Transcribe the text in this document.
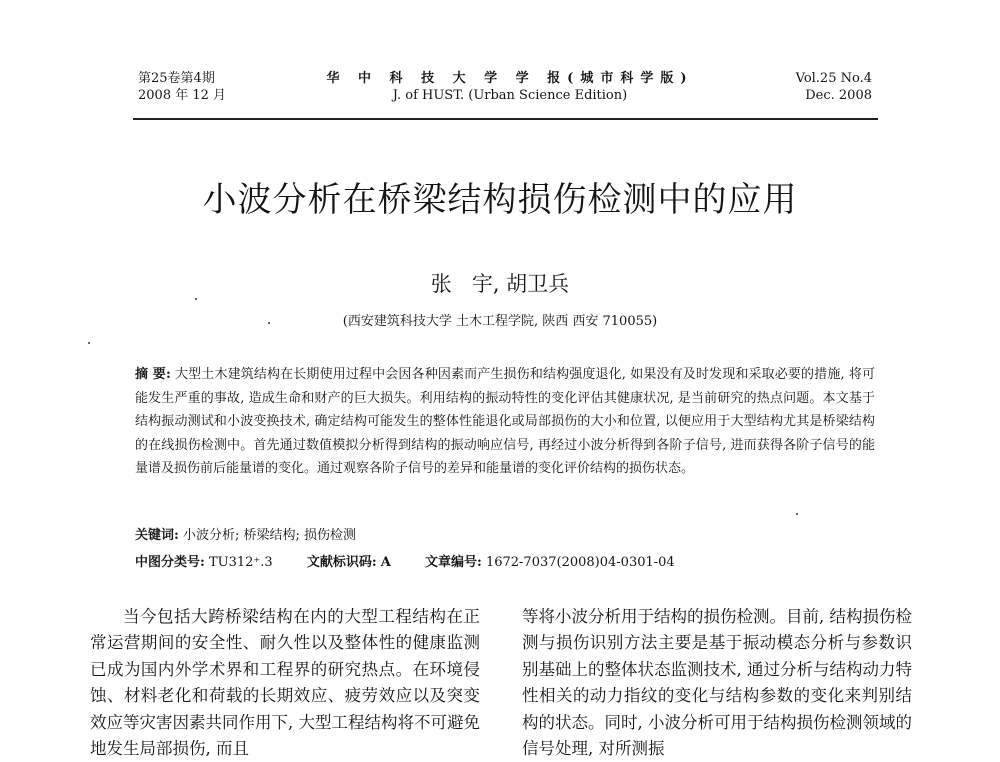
第25卷第4期
2008 年 12 月
华 中 科 技 大 学 学 报(城市科学版)
J. of HUST. (Urban Science Edition)
Vol.25 No.4
Dec. 2008
小波分析在桥梁结构损伤检测中的应用
张   宇, 胡卫兵
(西安建筑科技大学 土木工程学院, 陕西 西安 710055)
摘 要: 大型土木建筑结构在长期使用过程中会因各种因素而产生损伤和结构强度退化, 如果没有及时发现和采取必要的措施, 将可能发生严重的事故, 造成生命和财产的巨大损失。利用结构的振动特性的变化评估其健康状况, 是当前研究的热点问题。本文基于结构振动测试和小波变换技术, 确定结构可能发生的整体性能退化或局部损伤的大小和位置, 以便应用于大型结构尤其是桥梁结构的在线损伤检测中。首先通过数值模拟分析得到结构的振动响应信号, 再经过小波分析得到各阶子信号, 进而获得各阶子信号的能量谱及损伤前后能量谱的变化。通过观察各阶子信号的差异和能量谱的变化评价结构的损伤状态。
关键词: 小波分析; 桥梁结构; 损伤检测
中图分类号: TU312⁺.3	文献标识码: A	文章编号: 1672-7037(2008)04-0301-04

当今包括大跨桥梁结构在内的大型工程结构在正常运营期间的安全性、耐久性以及整体性的健康监测已成为国内外学术界和工程界的研究热点。在环境侵蚀、材料老化和荷载的长期效应、疲劳效应以及突变效应等灾害因素共同作用下, 大型工程结构将不可避免地发生局部损伤, 而且

等将小波分析用于结构的损伤检测。目前, 结构损伤检测与损伤识别方法主要是基于振动模态分析与参数识别基础上的整体状态监测技术, 通过分析与结构动力特性相关的动力指纹的变化与结构参数的变化来判别结构的状态。同时, 小波分析可用于结构损伤检测领域的信号处理, 对所测振
